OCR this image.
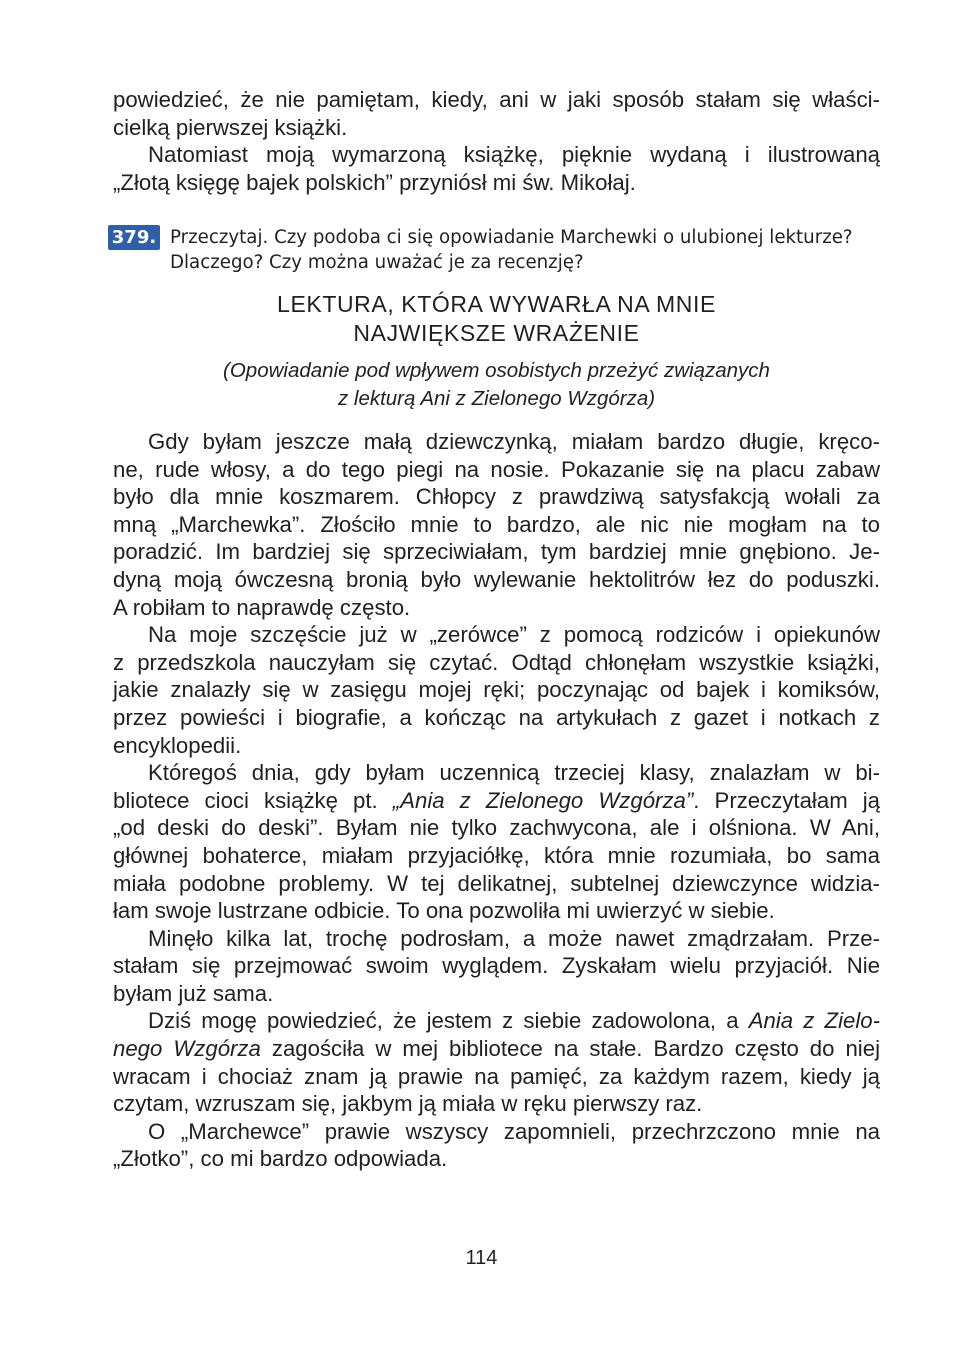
powiedzieć, że nie pamiętam, kiedy, ani w jaki sposób stałam się właści-
cielką pierwszej książki.
Natomiast moją wymarzoną książkę, pięknie wydaną i ilustrowaną
„Złotą księgę bajek polskich” przyniósł mi św. Mikołaj.
379. Przeczytaj. Czy podoba ci się opowiadanie Marchewki o ulubionej lekturze?
Dlaczego? Czy można uważać je za recenzję?
LEKTURA, KTÓRA WYWARŁA NA MNIE
NAJWIĘKSZE WRAŻENIE
(Opowiadanie pod wpływem osobistych przeżyć związanych
z lekturą Ani z Zielonego Wzgórza)
Gdy byłam jeszcze małą dziewczynką, miałam bardzo długie, kręco-
ne, rude włosy, a do tego piegi na nosie. Pokazanie się na placu zabaw
było dla mnie koszmarem. Chłopcy z prawdziwą satysfakcją wołali za
mną „Marchewka”. Złościło mnie to bardzo, ale nic nie mogłam na to
poradzić. Im bardziej się sprzeciwiałam, tym bardziej mnie gnębiono. Je-
dyną moją ówczesną bronią było wylewanie hektolitrów łez do poduszki.
A robiłam to naprawdę często.
Na moje szczęście już w „zerówce” z pomocą rodziców i opiekunów
z przedszkola nauczyłam się czytać. Odtąd chłonęłam wszystkie książki,
jakie znalazły się w zasięgu mojej ręki; poczynając od bajek i komiksów,
przez powieści i biografie, a kończąc na artykułach z gazet i notkach z
encyklopedii.
Któregoś dnia, gdy byłam uczennicą trzeciej klasy, znalazłam w bi-
bliotece cioci książkę pt. „Ania z Zielonego Wzgórza”. Przeczytałam ją
„od deski do deski”. Byłam nie tylko zachwycona, ale i olśniona. W Ani,
głównej bohaterce, miałam przyjaciółkę, która mnie rozumiała, bo sama
miała podobne problemy. W tej delikatnej, subtelnej dziewczynce widzia-
łam swoje lustrzane odbicie. To ona pozwoliła mi uwierzyć w siebie.
Minęło kilka lat, trochę podrosłam, a może nawet zmądrzałam. Prze-
stałam się przejmować swoim wyglądem. Zyskałam wielu przyjaciół. Nie
byłam już sama.
Dziś mogę powiedzieć, że jestem z siebie zadowolona, a Ania z Zielo-
nego Wzgórza zagościła w mej bibliotece na stałe. Bardzo często do niej
wracam i chociaż znam ją prawie na pamięć, za każdym razem, kiedy ją
czytam, wzruszam się, jakbym ją miała w ręku pierwszy raz.
O „Marchewce” prawie wszyscy zapomnieli, przechrzczono mnie na
„Złotko”, co mi bardzo odpowiada.
114
